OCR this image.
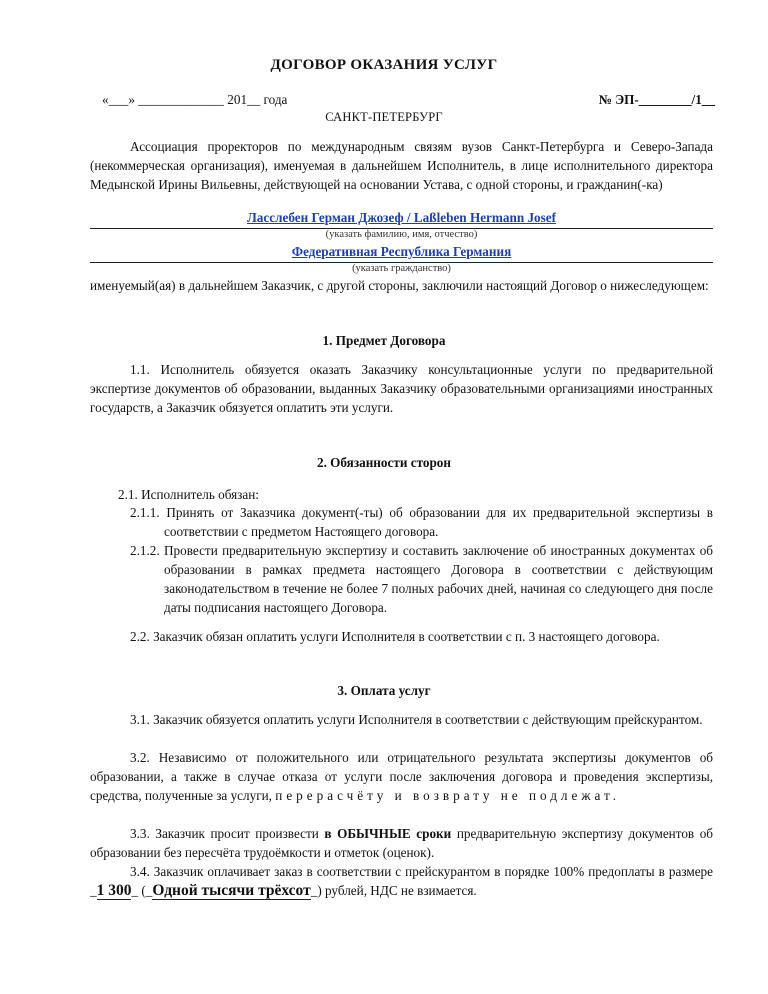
ДОГОВОР ОКАЗАНИЯ УСЛУГ
«___» _____________ 201__ года	№ ЭП-________/1__
САНКТ-ПЕТЕРБУРГ
Ассоциация проректоров по международным связям вузов Санкт-Петербурга и Северо-Запада (некоммерческая организация), именуемая в дальнейшем Исполнитель, в лице исполнительного директора Медынской Ирины Вильевны, действующей на основании Устава, с одной стороны, и гражданин(-ка)
Ласслебен Герман Джозеф / Laßleben Hermann Josef
(указать фамилию, имя, отчество)
Федеративная Республика Германия
(указать гражданство)
именуемый(ая) в дальнейшем Заказчик, с другой стороны, заключили настоящий Договор о нижеследующем:
1. Предмет Договора
1.1. Исполнитель обязуется оказать Заказчику консультационные услуги по предварительной экспертизе документов об образовании, выданных Заказчику образовательными организациями иностранных государств, а Заказчик обязуется оплатить эти услуги.
2. Обязанности сторон
2.1. Исполнитель обязан:
2.1.1. Принять от Заказчика документ(-ты) об образовании для их предварительной экспертизы в соответствии с предметом Настоящего договора.
2.1.2. Провести предварительную экспертизу и составить заключение об иностранных документах об образовании в рамках предмета настоящего Договора в соответствии с действующим законодательством в течение не более 7 полных рабочих дней, начиная со следующего дня после даты подписания настоящего Договора.
2.2. Заказчик обязан оплатить услуги Исполнителя в соответствии с п. 3 настоящего договора.
3. Оплата услуг
3.1. Заказчик обязуется оплатить услуги Исполнителя в соответствии с действующим прейскурантом.
3.2. Независимо от положительного или отрицательного результата экспертизы документов об образовании, а также в случае отказа от услуги после заключения договора и проведения экспертизы, средства, полученные за услуги, перерасчёту и возврату не подлежат.
3.3. Заказчик просит произвести в ОБЫЧНЫЕ сроки предварительную экспертизу документов об образовании без пересчёта трудоёмкости и отметок (оценок).
3.4. Заказчик оплачивает заказ в соответствии с прейскурантом в порядке 100% предоплаты в размере _1 300_ (_Одной тысячи трёхсот_) рублей, НДС не взимается.
